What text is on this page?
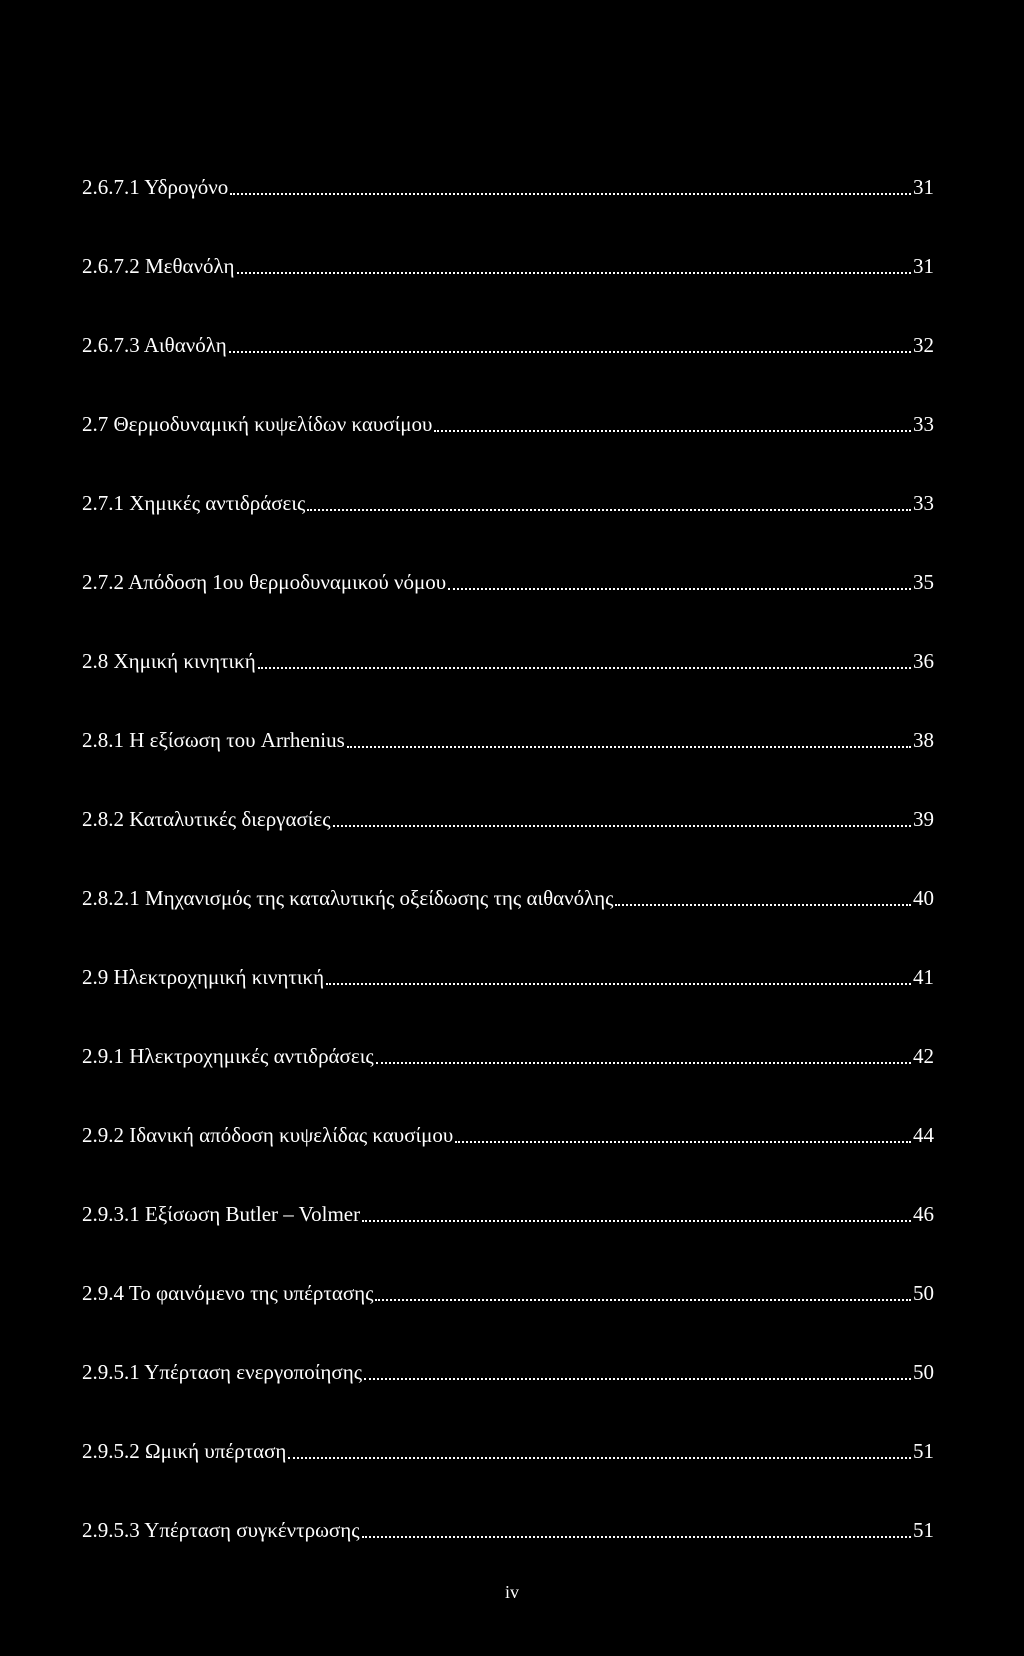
2.6.7.1 Υδρογόνο	31
2.6.7.2 Μεθανόλη	31
2.6.7.3 Αιθανόλη	32
2.7 Θερμοδυναμική κυψελίδων καυσίμου	33
2.7.1 Χημικές αντιδράσεις	33
2.7.2 Απόδοση 1ου θερμοδυναμικού νόμου	35
2.8 Χημική κινητική	36
2.8.1 Η εξίσωση του Arrhenius	38
2.8.2 Καταλυτικές διεργασίες	39
2.8.2.1 Μηχανισμός της καταλυτικής οξείδωσης της αιθανόλης	40
2.9 Ηλεκτροχημική κινητική	41
2.9.1 Ηλεκτροχημικές αντιδράσεις	42
2.9.2 Ιδανική απόδοση κυψελίδας καυσίμου	44
2.9.3.1 Εξίσωση Butler – Volmer	46
2.9.4 Το φαινόμενο της υπέρτασης	50
2.9.5.1 Υπέρταση ενεργοποίησης	50
2.9.5.2 Ωμική υπέρταση	51
2.9.5.3 Υπέρταση συγκέντρωσης	51
iv
